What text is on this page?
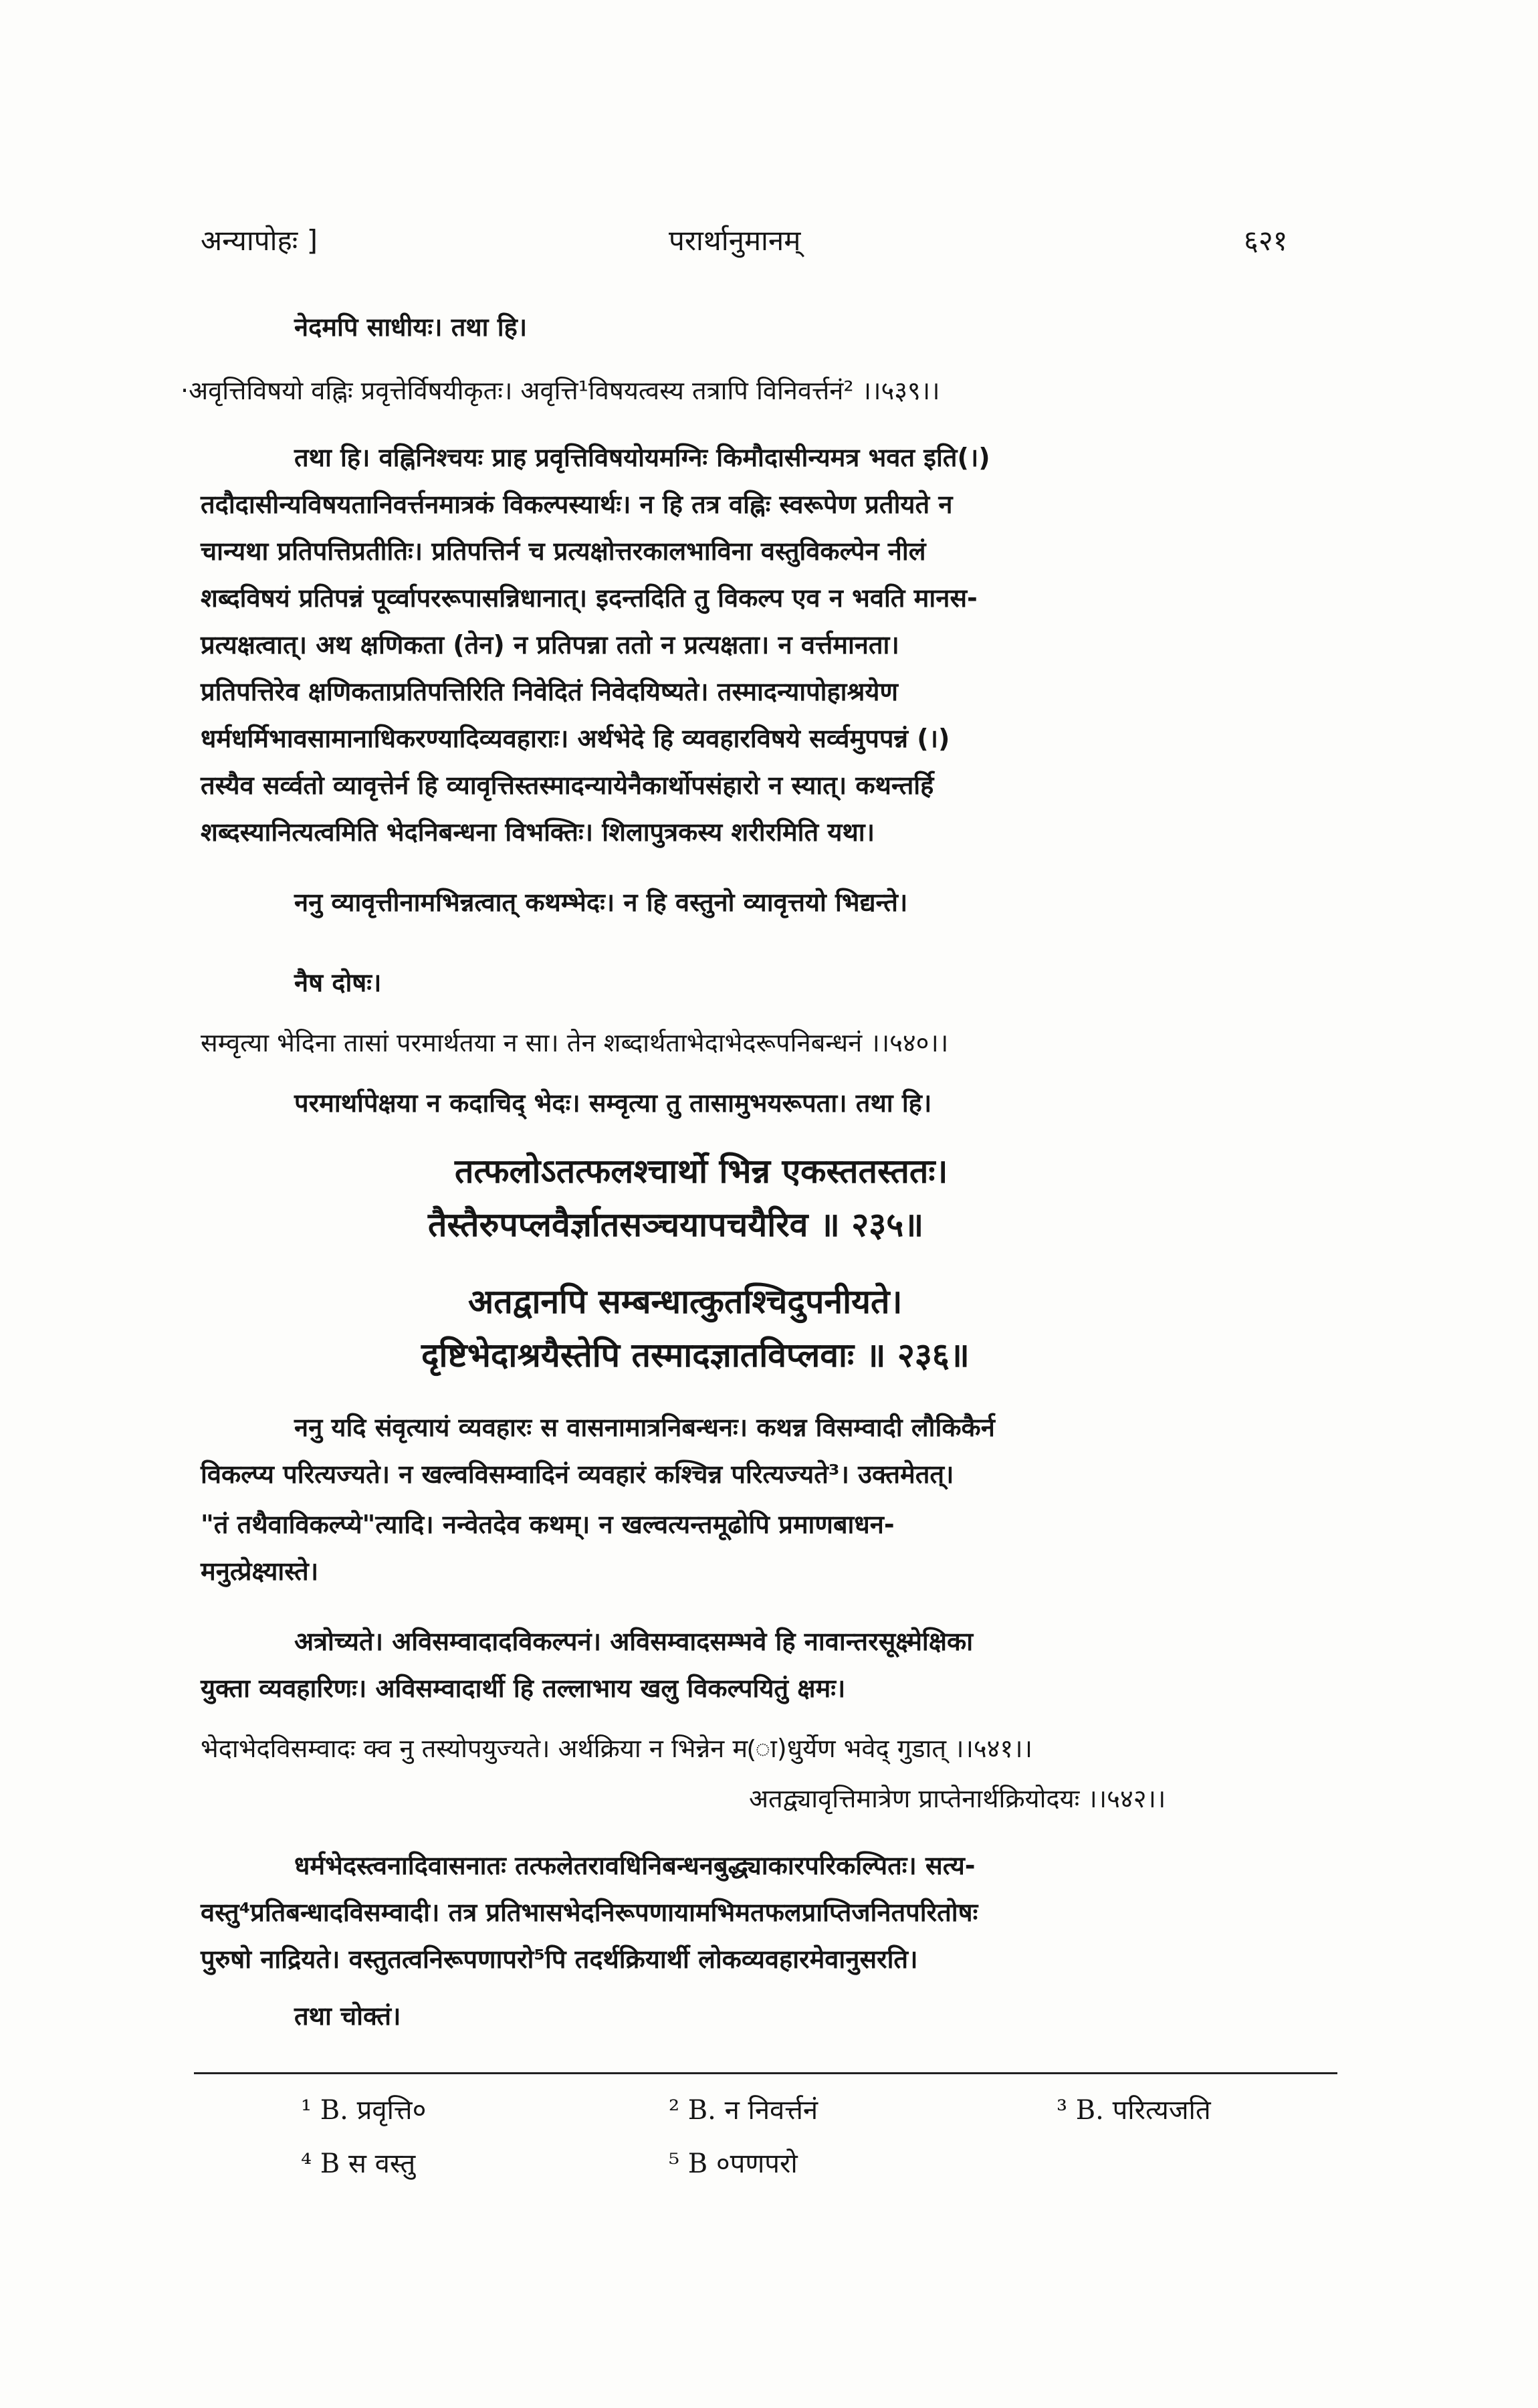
अन्यापोहः ]	परार्थानुमानम्	६२१
नेदमपि साधीयः। तथा हि।
·अवृत्तिविषयो वह्निः प्रवृत्तेर्विषयीकृतः। अवृत्ति¹विषयत्वस्य तत्रापि विनिवर्त्तनं² ।।५३९।।
तथा हि। वह्निनिश्चयः प्राह प्रवृत्तिविषयोयमग्निः किमौदासीन्यमत्र भवत इति(।)
तदौदासीन्यविषयतानिवर्त्तनमात्रकं विकल्पस्यार्थः। न हि तत्र वह्निः स्वरूपेण प्रतीयते न
चान्यथा प्रतिपत्तिप्रतीतिः। प्रतिपत्तिर्न च प्रत्यक्षोत्तरकालभाविना वस्तुविकल्पेन नीलं
शब्दविषयं प्रतिपन्नं पूर्व्वापररूपासन्निधानात्। इदन्तदिति तु विकल्प एव न भवति मानस-
प्रत्यक्षत्वात्। अथ क्षणिकता (तेन) न प्रतिपन्ना ततो न प्रत्यक्षता। न वर्त्तमानता।
प्रतिपत्तिरेव क्षणिकताप्रतिपत्तिरिति निवेदितं निवेदयिष्यते। तस्मादन्यापोहाश्रयेण
धर्मधर्मिभावसामानाधिकरण्यादिव्यवहाराः। अर्थभेदे हि व्यवहारविषये सर्व्वमुपपन्नं (।)
तस्यैव सर्व्वतो व्यावृत्तेर्न हि व्यावृत्तिस्तस्मादन्यायेनैकार्थोपसंहारो न स्यात्। कथन्तर्हि
शब्दस्यानित्यत्वमिति भेदनिबन्धना विभक्तिः। शिलापुत्रकस्य शरीरमिति यथा।
ननु व्यावृत्तीनामभिन्नत्वात् कथम्भेदः। न हि वस्तुनो व्यावृत्तयो भिद्यन्ते।
नैष दोषः।
सम्वृत्या भेदिना तासां परमार्थतया न सा। तेन शब्दार्थताभेदाभेदरूपनिबन्धनं ।।५४०।।
परमार्थापेक्षया न कदाचिद् भेदः। सम्वृत्या तु तासामुभयरूपता। तथा हि।
तत्फलोऽतत्फलश्चार्थो भिन्न एकस्ततस्ततः।
तैस्तैरुपप्लवैर्ज्ञातसञ्चयापचयैरिव ॥ २३५॥
अतद्वानपि सम्बन्धात्कुतश्चिदुपनीयते।
दृष्टिभेदाश्रयैस्तेपि तस्मादज्ञातविप्लवाः ॥ २३६॥
ननु यदि संवृत्यायं व्यवहारः स वासनामात्रनिबन्धनः। कथन्न विसम्वादी लौकिकैर्न
विकल्प्य परित्यज्यते। न खल्वविसम्वादिनं व्यवहारं कश्चिन्न परित्यज्यते³। उक्तमेतत्।
"तं तथैवाविकल्प्ये"त्यादि। नन्वेतदेव कथम्। न खल्वत्यन्तमूढोपि प्रमाणबाधन-
मनुत्प्रेक्ष्यास्ते।
अत्रोच्यते। अविसम्वादादविकल्पनं। अविसम्वादसम्भवे हि नावान्तरसूक्ष्मेक्षिका
युक्ता व्यवहारिणः। अविसम्वादार्थी हि तल्लाभाय खलु विकल्पयितुं क्षमः।
भेदाभेदविसम्वादः क्व नु तस्योपयुज्यते। अर्थक्रिया न भिन्नेन म(ा)धुर्येण भवेद् गुडात् ।।५४१।।
अतद्व्यावृत्तिमात्रेण प्राप्तेनार्थक्रियोदयः ।।५४२।।
धर्मभेदस्त्वनादिवासनातः तत्फलेतरावधिनिबन्धनबुद्ध्याकारपरिकल्पितः। सत्य-
वस्तु⁴प्रतिबन्धादविसम्वादी। तत्र प्रतिभासभेदनिरूपणायामभिमतफलप्राप्तिजनितपरितोषः
पुरुषो नाद्रियते। वस्तुतत्वनिरूपणापरो⁵पि तदर्थक्रियार्थी लोकव्यवहारमेवानुसरति।
तथा चोक्तं।
¹ B. प्रवृत्ति०	² B. न निवर्त्तनं	³ B. परित्यजति
⁴ B स वस्तु	⁵ B ०पणपरो
